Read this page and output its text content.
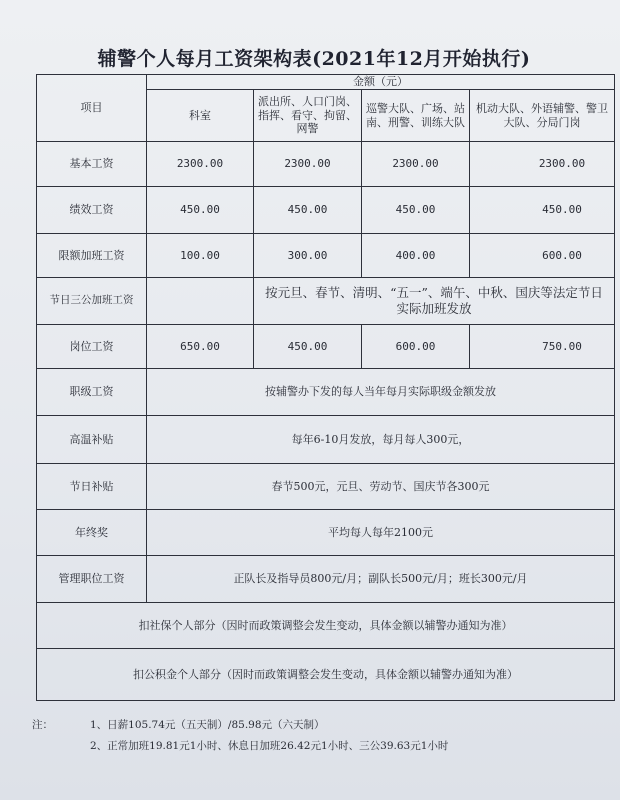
辅警个人每月工资架构表(2021年12月开始执行)
项目	金额（元）			
	科室	派出所、人口门岗、指挥、看守、拘留、网警	巡警大队、广场、站南、刑警、训练大队	机动大队、外语辅警、警卫大队、分局门岗
基本工资	2300.00	2300.00	2300.00	2300.00
绩效工资	450.00	450.00	450.00	450.00
限额加班工资	100.00	300.00	400.00	600.00
节日三公加班工资		按元旦、春节、清明、“五一”、端午、中秋、国庆等法定节日实际加班发放		
岗位工资	650.00	450.00	600.00	750.00
职级工资	按辅警办下发的每人当年每月实际职级金额发放			
高温补贴	每年6-10月发放，每月每人300元，			
节日补贴	春节500元，元旦、劳动节、国庆节各300元			
年终奖	平均每人每年2100元			
管理职位工资	正队长及指导员800元/月；副队长500元/月；班长300元/月			
扣社保个人部分（因时而政策调整会发生变动，具体金额以辅警办通知为准）				
扣公积金个人部分（因时而政策调整会发生变动，具体金额以辅警办通知为准）				
注：	1、日薪105.74元（五天制）/85.98元（六天制）
2、正常加班19.81元1小时、休息日加班26.42元1小时、三公39.63元1小时
